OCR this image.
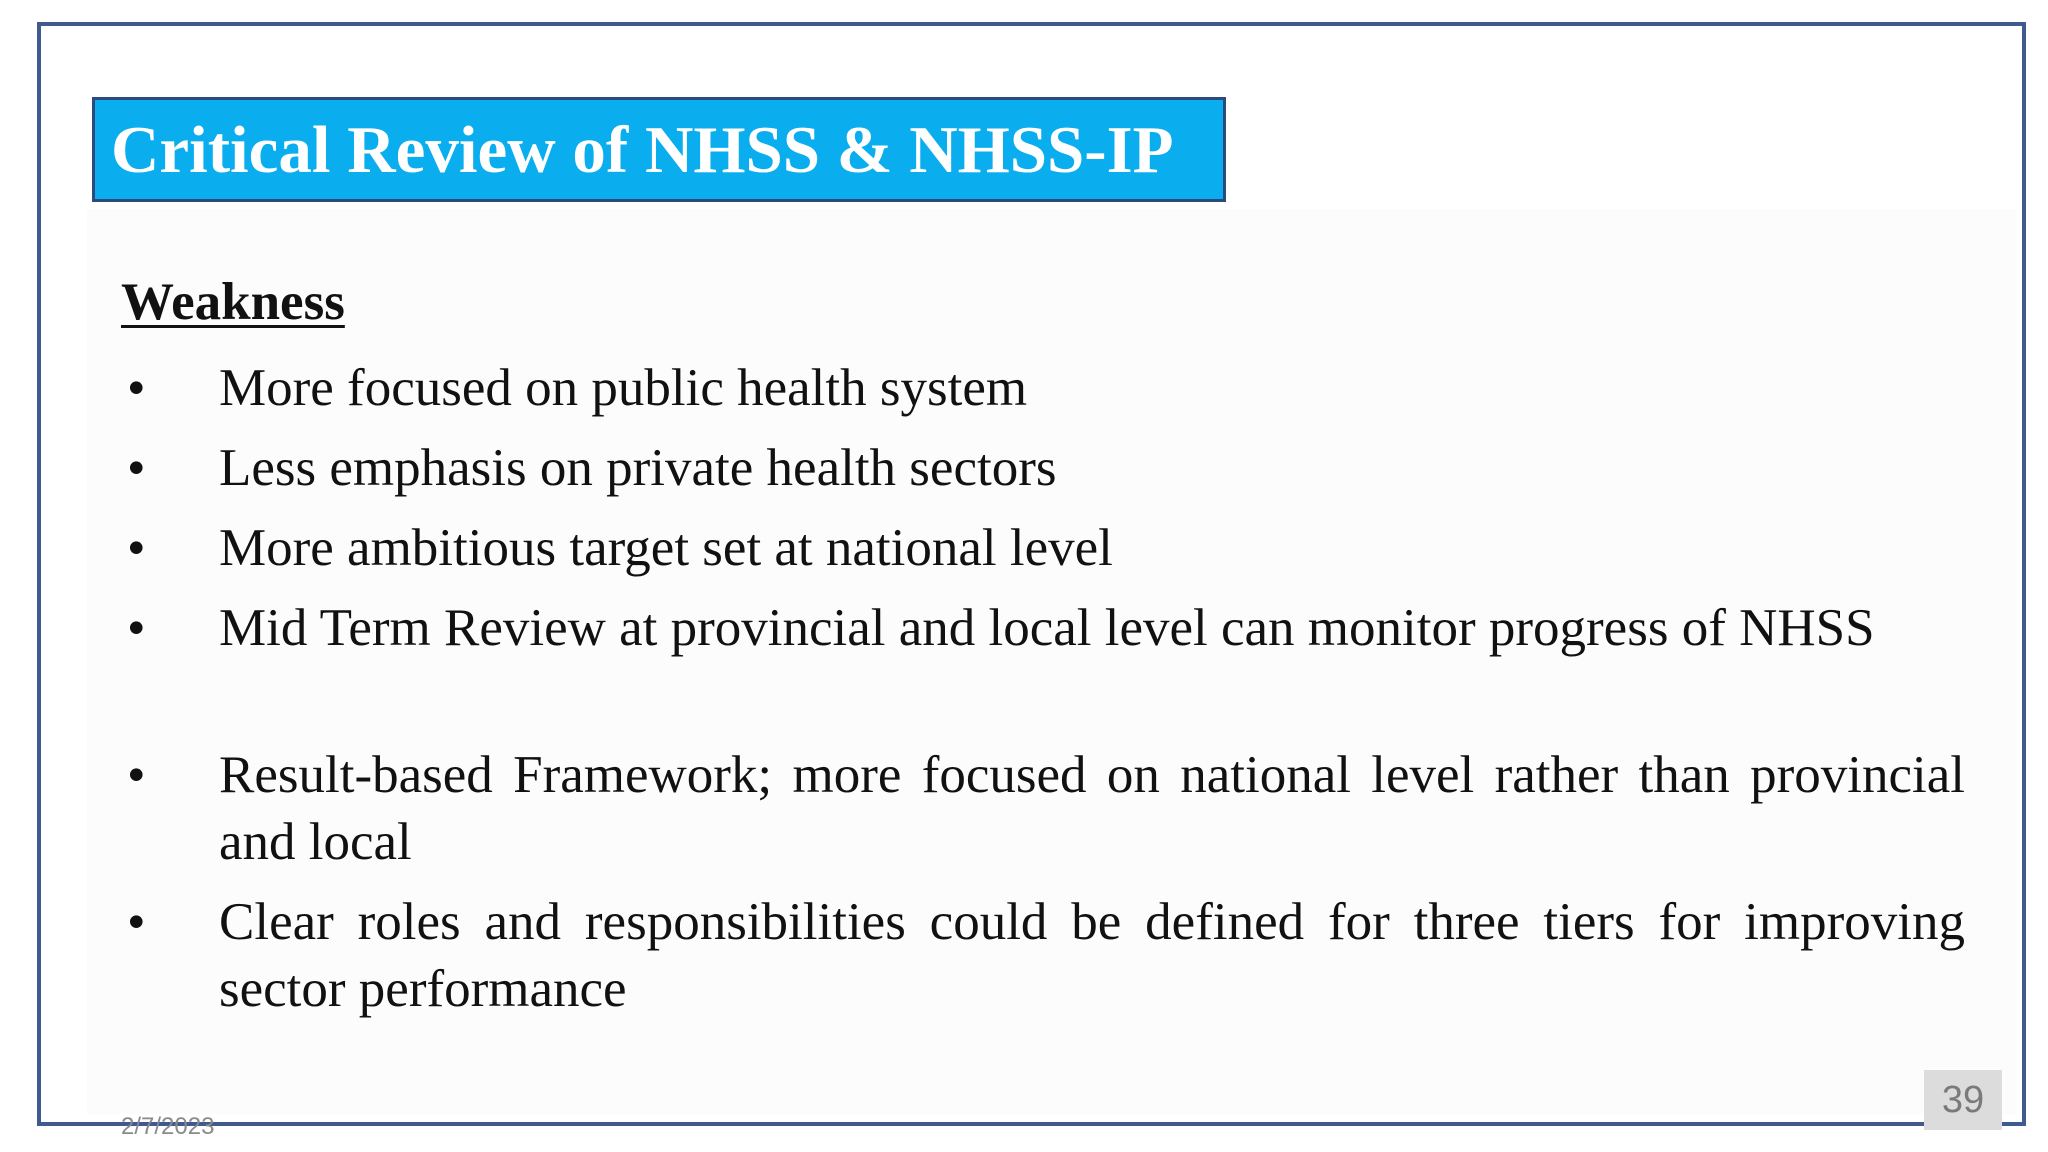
Critical Review of NHSS & NHSS-IP
Weakness
• More focused on public health system
• Less emphasis on private health sectors
• More ambitious target set at national level
• Mid Term Review at provincial and local level can monitor progress of NHSS
• Result-based Framework; more focused on national level rather than provincial and local
• Clear roles and responsibilities could be defined for three tiers for improving sector performance
2/7/2023
39
